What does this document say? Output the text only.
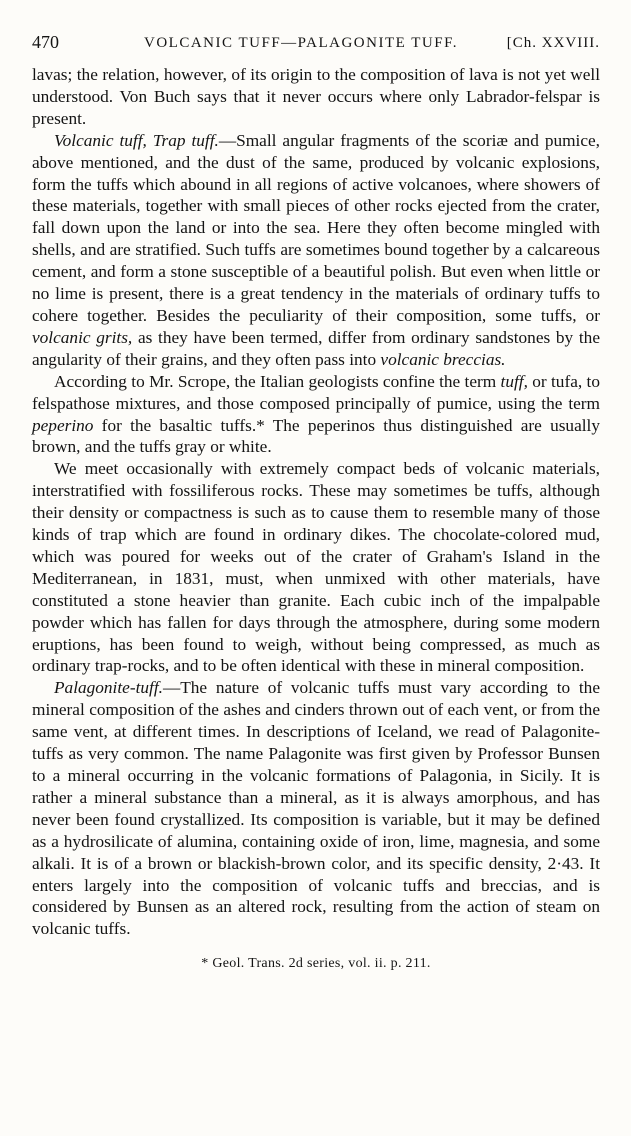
470	VOLCANIC TUFF—PALAGONITE TUFF.	[Ch. XXVIII.

lavas; the relation, however, of its origin to the composition of lava is not yet well understood. Von Buch says that it never occurs where only Labrador-felspar is present.

Volcanic tuff, Trap tuff.—Small angular fragments of the scoriæ and pumice, above mentioned, and the dust of the same, produced by volcanic explosions, form the tuffs which abound in all regions of active volcanoes, where showers of these materials, together with small pieces of other rocks ejected from the crater, fall down upon the land or into the sea. Here they often become mingled with shells, and are stratified. Such tuffs are sometimes bound together by a calcareous cement, and form a stone susceptible of a beautiful polish. But even when little or no lime is present, there is a great tendency in the materials of ordinary tuffs to cohere together. Besides the peculiarity of their composition, some tuffs, or volcanic grits, as they have been termed, differ from ordinary sandstones by the angularity of their grains, and they often pass into volcanic breccias.

According to Mr. Scrope, the Italian geologists confine the term tuff, or tufa, to felspathose mixtures, and those composed principally of pumice, using the term peperino for the basaltic tuffs.* The peperinos thus distinguished are usually brown, and the tuffs gray or white.

We meet occasionally with extremely compact beds of volcanic materials, interstratified with fossiliferous rocks. These may sometimes be tuffs, although their density or compactness is such as to cause them to resemble many of those kinds of trap which are found in ordinary dikes. The chocolate-colored mud, which was poured for weeks out of the crater of Graham's Island in the Mediterranean, in 1831, must, when unmixed with other materials, have constituted a stone heavier than granite. Each cubic inch of the impalpable powder which has fallen for days through the atmosphere, during some modern eruptions, has been found to weigh, without being compressed, as much as ordinary trap-rocks, and to be often identical with these in mineral composition.

Palagonite-tuff.—The nature of volcanic tuffs must vary according to the mineral composition of the ashes and cinders thrown out of each vent, or from the same vent, at different times. In descriptions of Iceland, we read of Palagonite-tuffs as very common. The name Palagonite was first given by Professor Bunsen to a mineral occurring in the volcanic formations of Palagonia, in Sicily. It is rather a mineral substance than a mineral, as it is always amorphous, and has never been found crystallized. Its composition is variable, but it may be defined as a hydrosilicate of alumina, containing oxide of iron, lime, magnesia, and some alkali. It is of a brown or blackish-brown color, and its specific density, 2·43. It enters largely into the composition of volcanic tuffs and breccias, and is considered by Bunsen as an altered rock, resulting from the action of steam on volcanic tuffs.

* Geol. Trans. 2d series, vol. ii. p. 211.
